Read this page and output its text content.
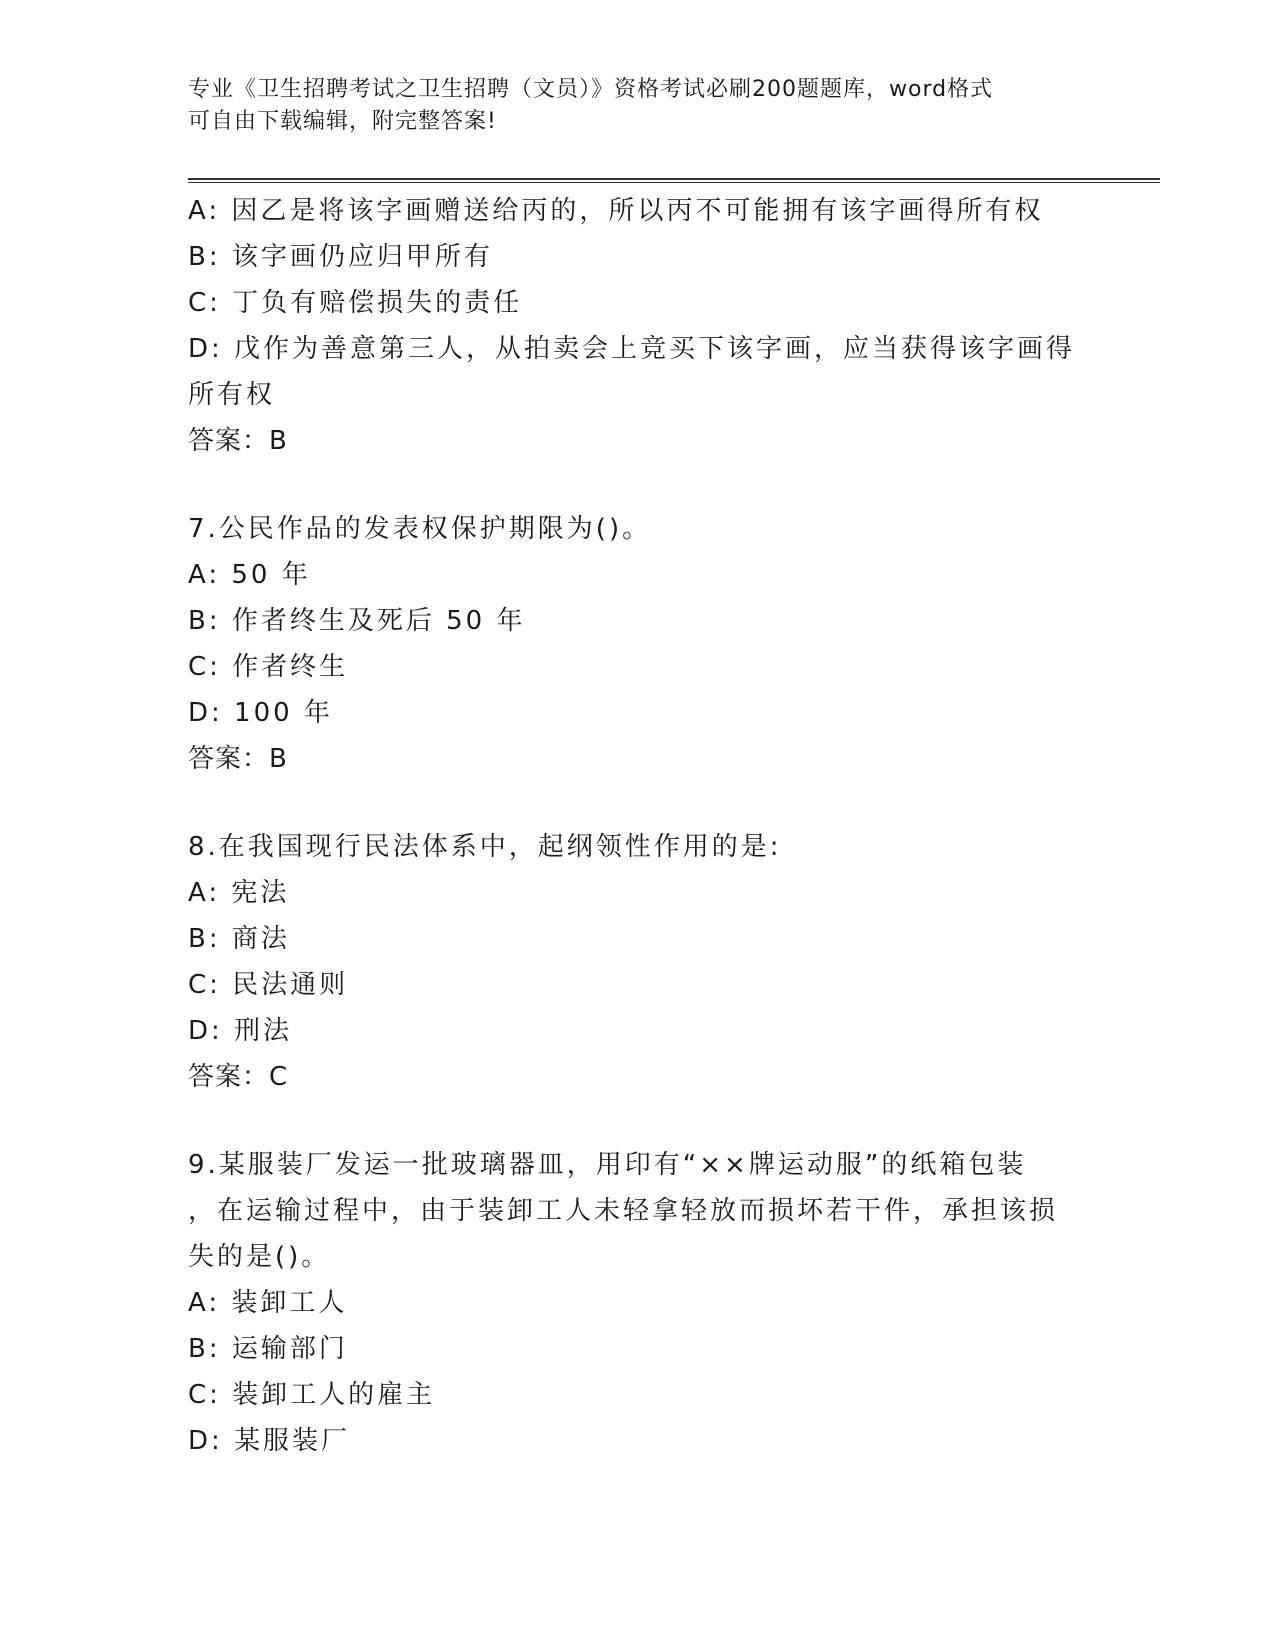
专业《卫生招聘考试之卫生招聘（文员）》资格考试必刷200题题库，word格式
可自由下载编辑，附完整答案!
A: 因乙是将该字画赠送给丙的，所以丙不可能拥有该字画得所有权
B: 该字画仍应归甲所有
C: 丁负有赔偿损失的责任
D: 戊作为善意第三人，从拍卖会上竞买下该字画，应当获得该字画得
所有权
答案：B
7.公民作品的发表权保护期限为()。
A: 50 年
B: 作者终生及死后 50 年
C: 作者终生
D: 100 年
答案：B
8.在我国现行民法体系中，起纲领性作用的是:
A: 宪法
B: 商法
C: 民法通则
D: 刑法
答案：C
9.某服装厂发运一批玻璃器皿，用印有“××牌运动服”的纸箱包装
，在运输过程中，由于装卸工人未轻拿轻放而损坏若干件，承担该损
失的是()。
A: 装卸工人
B: 运输部门
C: 装卸工人的雇主
D: 某服装厂
